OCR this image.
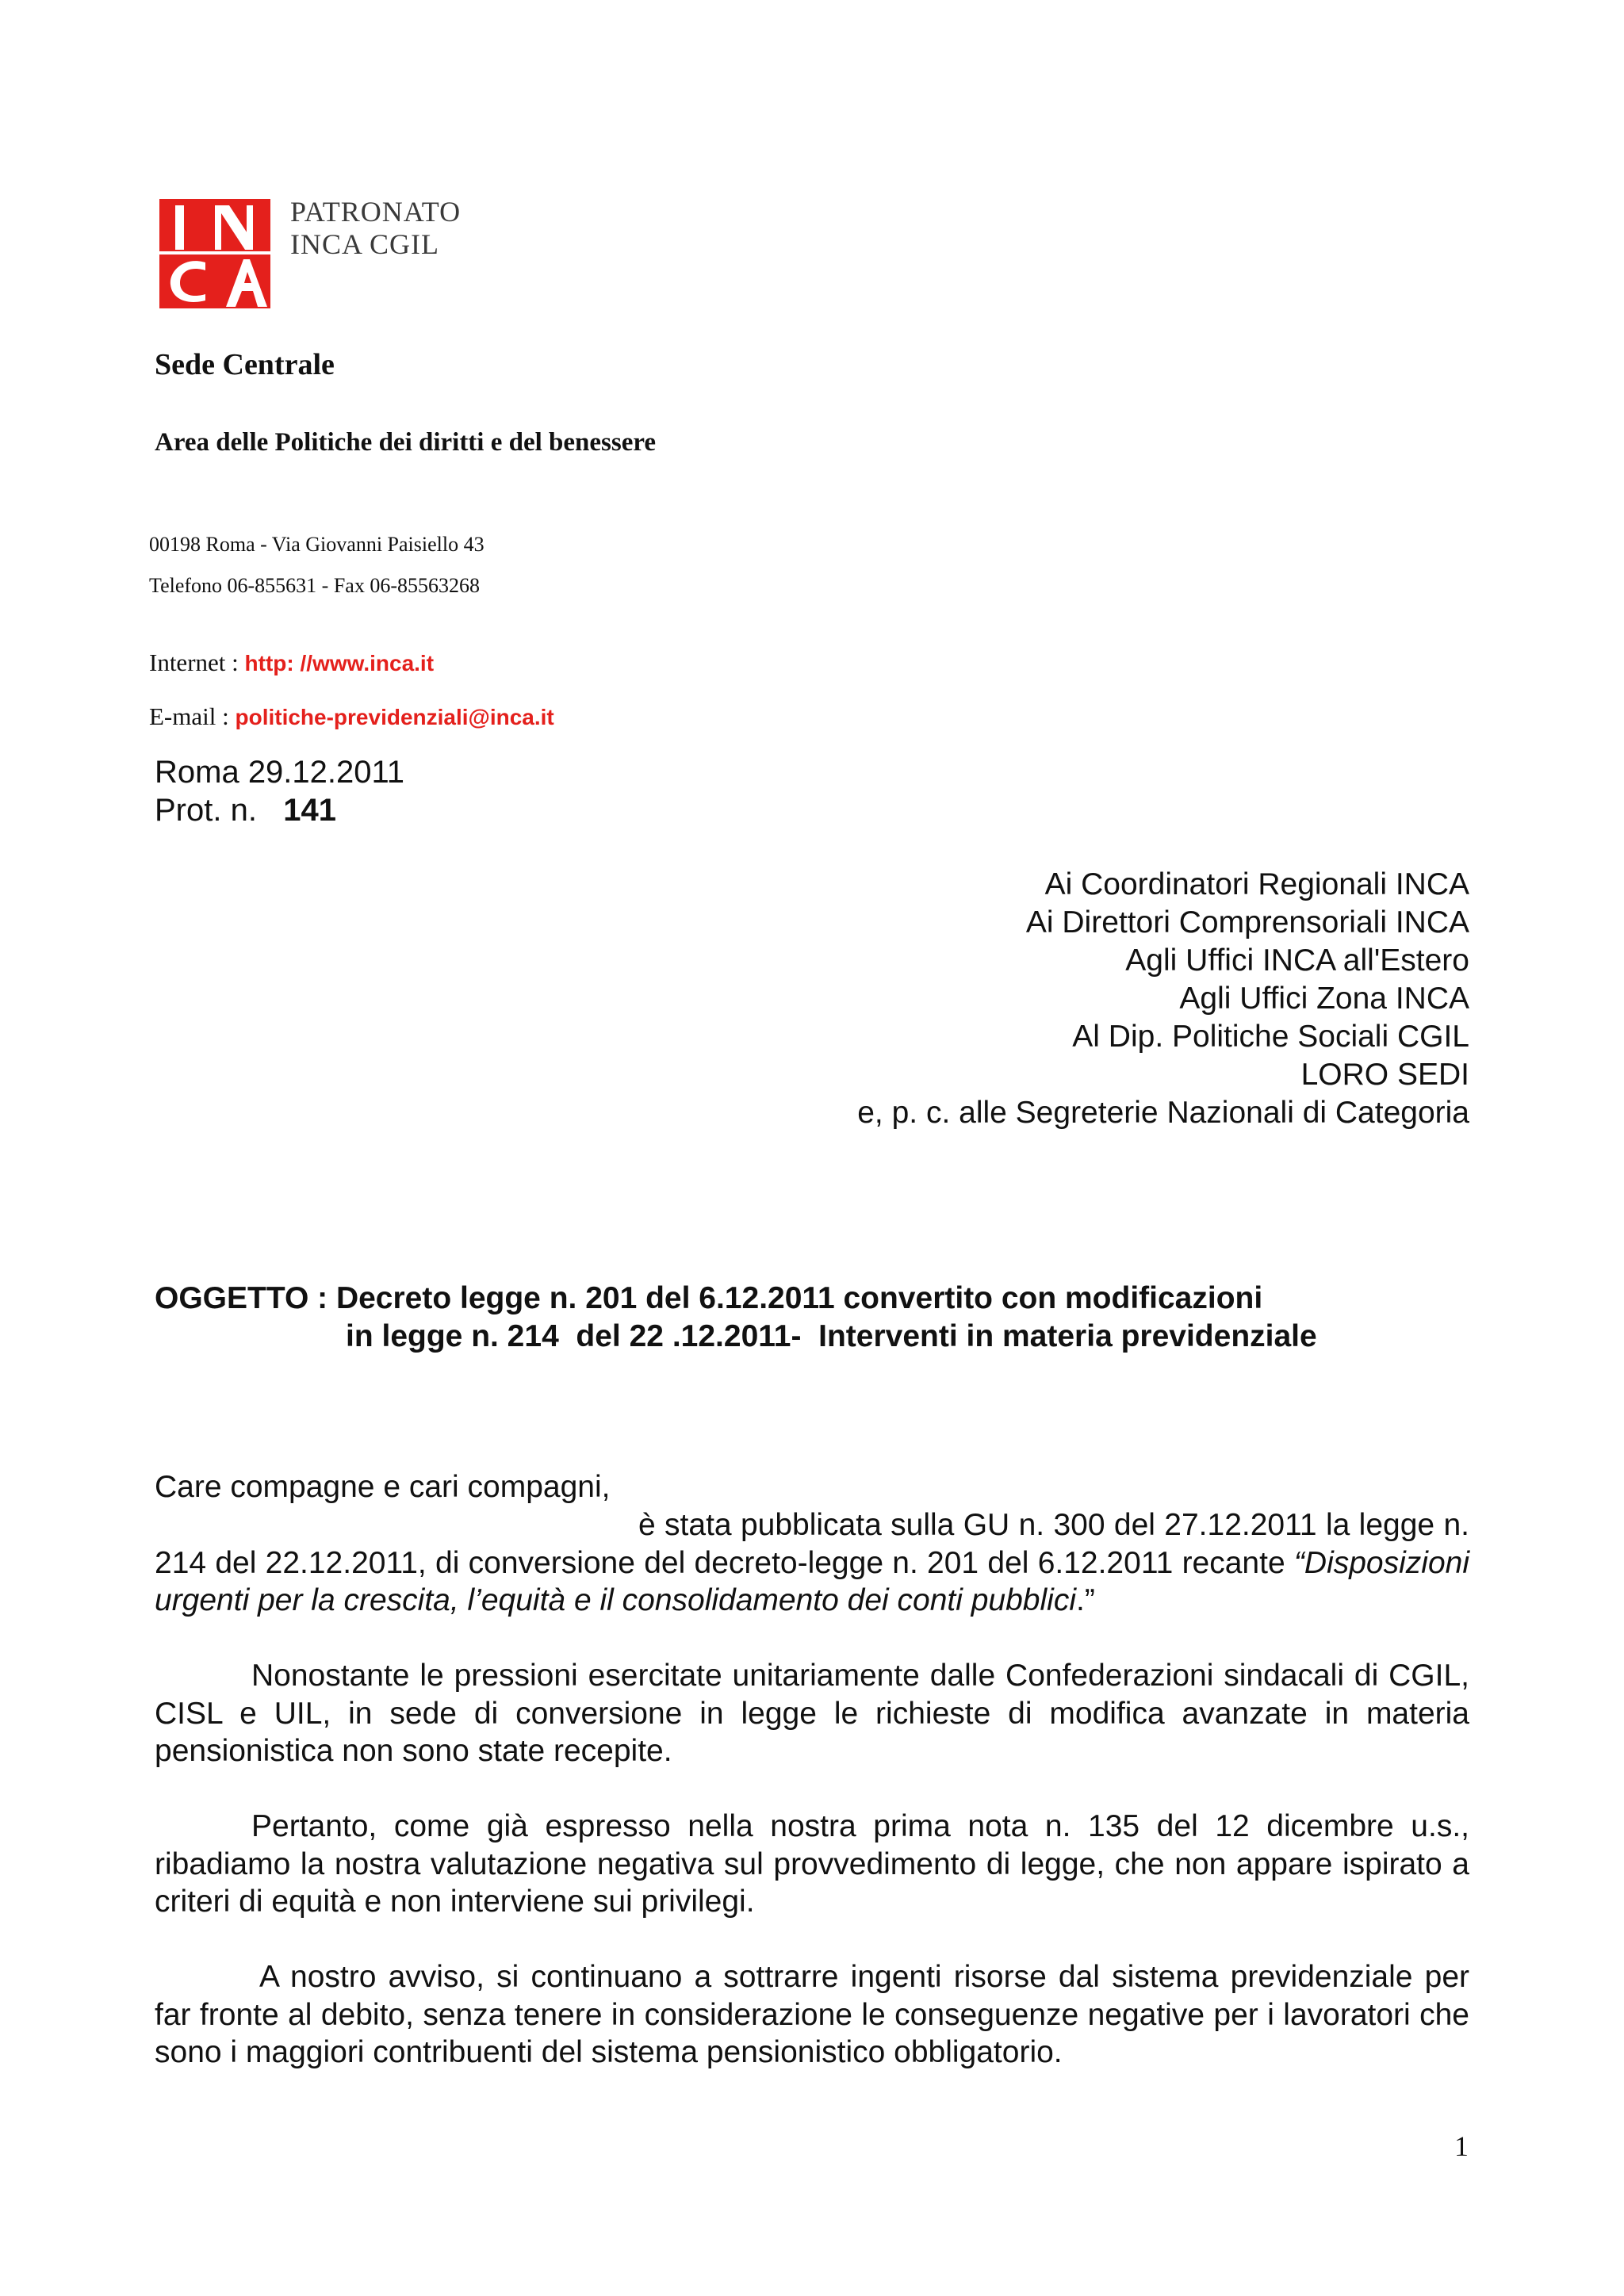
PATRONATO
INCA CGIL
Sede Centrale
Area delle Politiche dei diritti e del benessere
00198 Roma - Via Giovanni Paisiello 43
Telefono 06-855631 - Fax 06-85563268
Internet : http: //www.inca.it
E-mail : politiche-previdenziali@inca.it
Roma 29.12.2011
Prot. n.   141
Ai Coordinatori Regionali INCA
Ai Direttori Comprensoriali INCA
Agli Uffici INCA all'Estero
Agli Uffici Zona INCA
Al Dip. Politiche Sociali CGIL
LORO SEDI
e, p. c. alle Segreterie Nazionali di Categoria
OGGETTO : Decreto legge n. 201 del 6.12.2011 convertito con modificazioni
in legge n. 214  del 22 .12.2011-  Interventi in materia previdenziale
Care compagne e cari compagni,
è stata pubblicata sulla GU n. 300 del 27.12.2011 la legge n. 214 del 22.12.2011, di conversione del decreto-legge n. 201 del 6.12.2011 recante “Disposizioni urgenti per la crescita, l’equità e il consolidamento dei conti pubblici.”
Nonostante le pressioni esercitate unitariamente dalle Confederazioni sindacali di CGIL, CISL e UIL, in sede di conversione in legge le richieste di modifica avanzate in materia pensionistica non sono state recepite.
Pertanto, come già espresso nella nostra prima nota n. 135 del 12 dicembre u.s., ribadiamo la nostra valutazione negativa sul provvedimento di legge, che non appare ispirato a criteri di equità e non interviene sui privilegi.
A nostro avviso, si continuano a sottrarre ingenti risorse dal sistema previdenziale per far fronte al debito, senza tenere in considerazione le conseguenze negative per i lavoratori che sono i maggiori contribuenti del sistema pensionistico obbligatorio.
1
